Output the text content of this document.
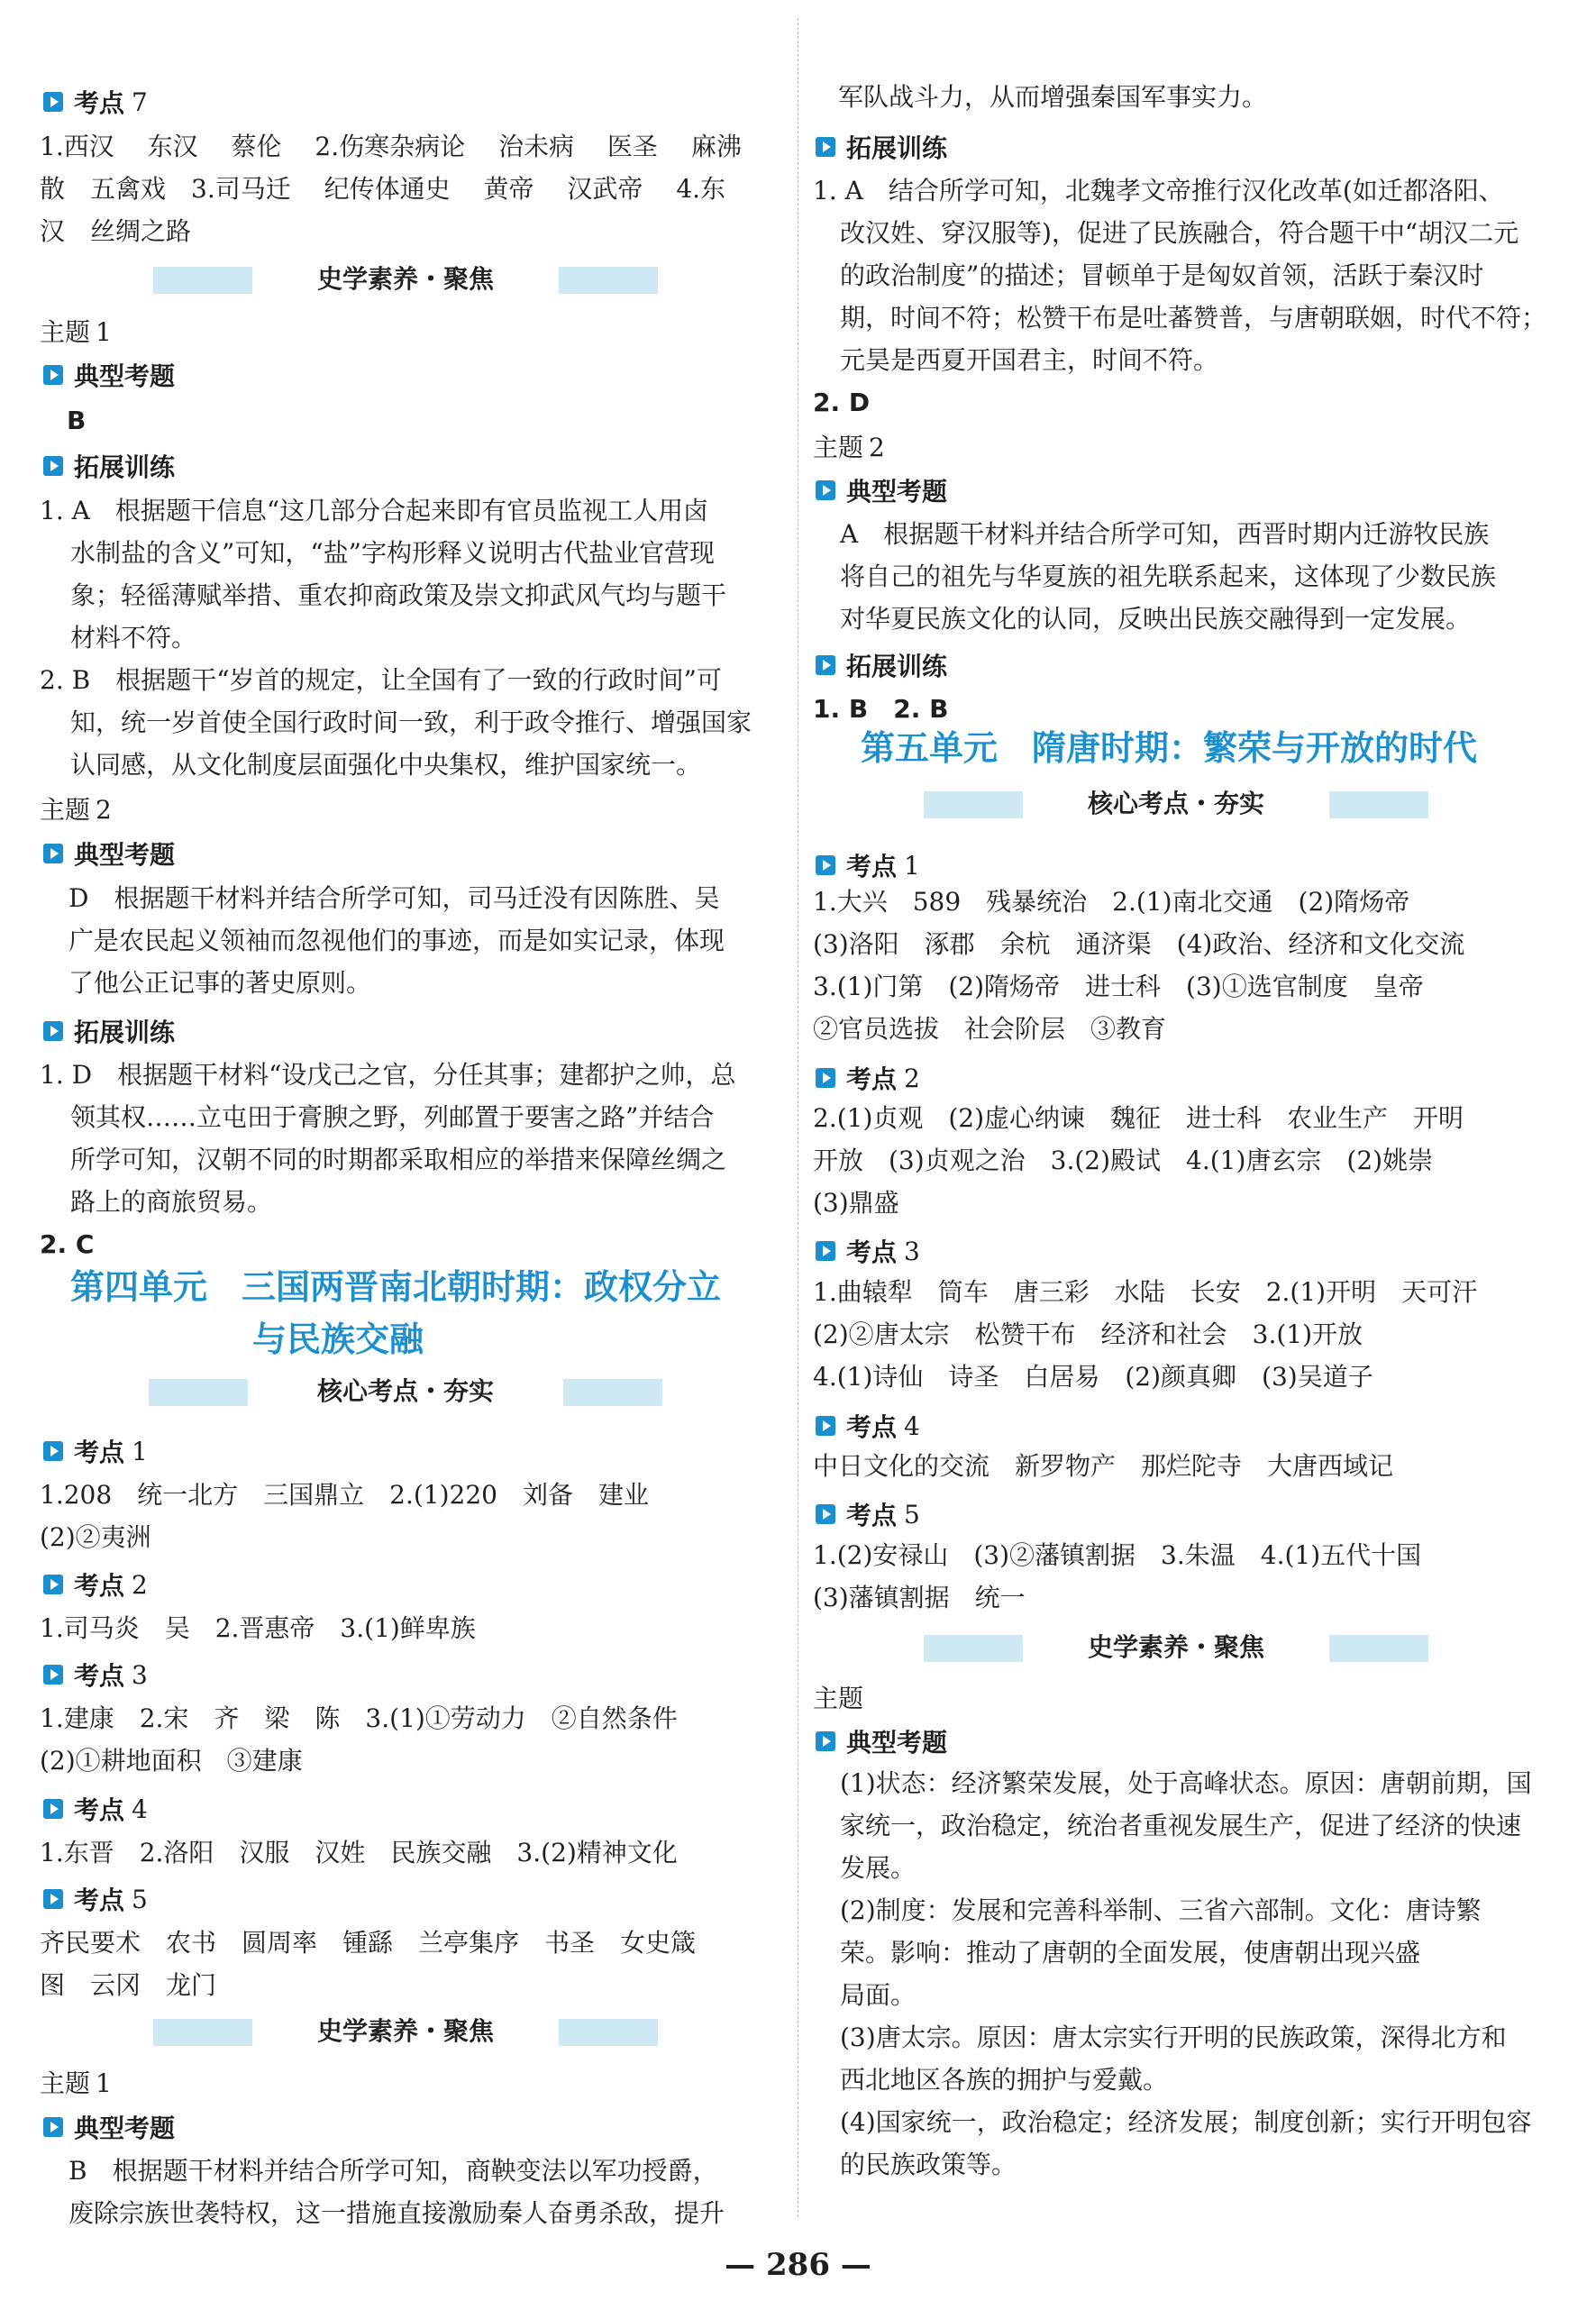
考点 7
1.西汉　 东汉　 蔡伦　 2.伤寒杂病论　 治未病　 医圣　 麻沸
散　五禽戏　3.司马迁　 纪传体通史　 黄帝　 汉武帝　 4.东
汉　丝绸之路
史学素养・聚焦
主题 1
典型考题
B
拓展训练
1. A　根据题干信息“这几部分合起来即有官员监视工人用卤
水制盐的含义”可知，“盐”字构形释义说明古代盐业官营现
象；轻徭薄赋举措、重农抑商政策及崇文抑武风气均与题干
材料不符。
2. B　根据题干“岁首的规定，让全国有了一致的行政时间”可
知，统一岁首使全国行政时间一致，利于政令推行、增强国家
认同感，从文化制度层面强化中央集权，维护国家统一。
主题 2
典型考题
D　根据题干材料并结合所学可知，司马迁没有因陈胜、吴
广是农民起义领袖而忽视他们的事迹，而是如实记录，体现
了他公正记事的著史原则。
拓展训练
1. D　根据题干材料“设戊己之官，分任其事；建都护之帅，总
领其权……立屯田于膏腴之野，列邮置于要害之路”并结合
所学可知，汉朝不同的时期都采取相应的举措来保障丝绸之
路上的商旅贸易。
2. C
第四单元　三国两晋南北朝时期：政权分立
与民族交融
核心考点・夯实
考点 1
1.208　统一北方　三国鼎立　2.(1)220　刘备　建业
(2)②夷洲
考点 2
1.司马炎　吴　2.晋惠帝　3.(1)鲜卑族
考点 3
1.建康　2.宋　齐　梁　陈　3.(1)①劳动力　②自然条件
(2)①耕地面积　③建康
考点 4
1.东晋　2.洛阳　汉服　汉姓　民族交融　3.(2)精神文化
考点 5
齐民要术　农书　圆周率　锺繇　兰亭集序　书圣　女史箴
图　云冈　龙门
史学素养・聚焦
主题 1
典型考题
B　根据题干材料并结合所学可知，商鞅变法以军功授爵，
废除宗族世袭特权，这一措施直接激励秦人奋勇杀敌，提升
军队战斗力，从而增强秦国军事实力。
拓展训练
1. A　结合所学可知，北魏孝文帝推行汉化改革(如迁都洛阳、
改汉姓、穿汉服等)，促进了民族融合，符合题干中“胡汉二元
的政治制度”的描述；冒顿单于是匈奴首领，活跃于秦汉时
期，时间不符；松赞干布是吐蕃赞普，与唐朝联姻，时代不符；
元昊是西夏开国君主，时间不符。
2. D
主题 2
典型考题
A　根据题干材料并结合所学可知，西晋时期内迁游牧民族
将自己的祖先与华夏族的祖先联系起来，这体现了少数民族
对华夏民族文化的认同，反映出民族交融得到一定发展。
拓展训练
1. B　2. B
第五单元　隋唐时期：繁荣与开放的时代
核心考点・夯实
考点 1
1.大兴　589　残暴统治　2.(1)南北交通　(2)隋炀帝
(3)洛阳　涿郡　余杭　通济渠　(4)政治、经济和文化交流
3.(1)门第　(2)隋炀帝　进士科　(3)①选官制度　皇帝
②官员选拔　社会阶层　③教育
考点 2
2.(1)贞观　(2)虚心纳谏　魏征　进士科　农业生产　开明
开放　(3)贞观之治　3.(2)殿试　4.(1)唐玄宗　(2)姚崇
(3)鼎盛
考点 3
1.曲辕犁　筒车　唐三彩　水陆　长安　2.(1)开明　天可汗
(2)②唐太宗　松赞干布　经济和社会　3.(1)开放
4.(1)诗仙　诗圣　白居易　(2)颜真卿　(3)吴道子
考点 4
中日文化的交流　新罗物产　那烂陀寺　大唐西域记
考点 5
1.(2)安禄山　(3)②藩镇割据　3.朱温　4.(1)五代十国
(3)藩镇割据　统一
史学素养・聚焦
主题
典型考题
(1)状态：经济繁荣发展，处于高峰状态。原因：唐朝前期，国
家统一，政治稳定，统治者重视发展生产，促进了经济的快速
发展。
(2)制度：发展和完善科举制、三省六部制。文化：唐诗繁
荣。影响：推动了唐朝的全面发展，使唐朝出现兴盛
局面。
(3)唐太宗。原因：唐太宗实行开明的民族政策，深得北方和
西北地区各族的拥护与爱戴。
(4)国家统一，政治稳定；经济发展；制度创新；实行开明包容
的民族政策等。
— 286 —
